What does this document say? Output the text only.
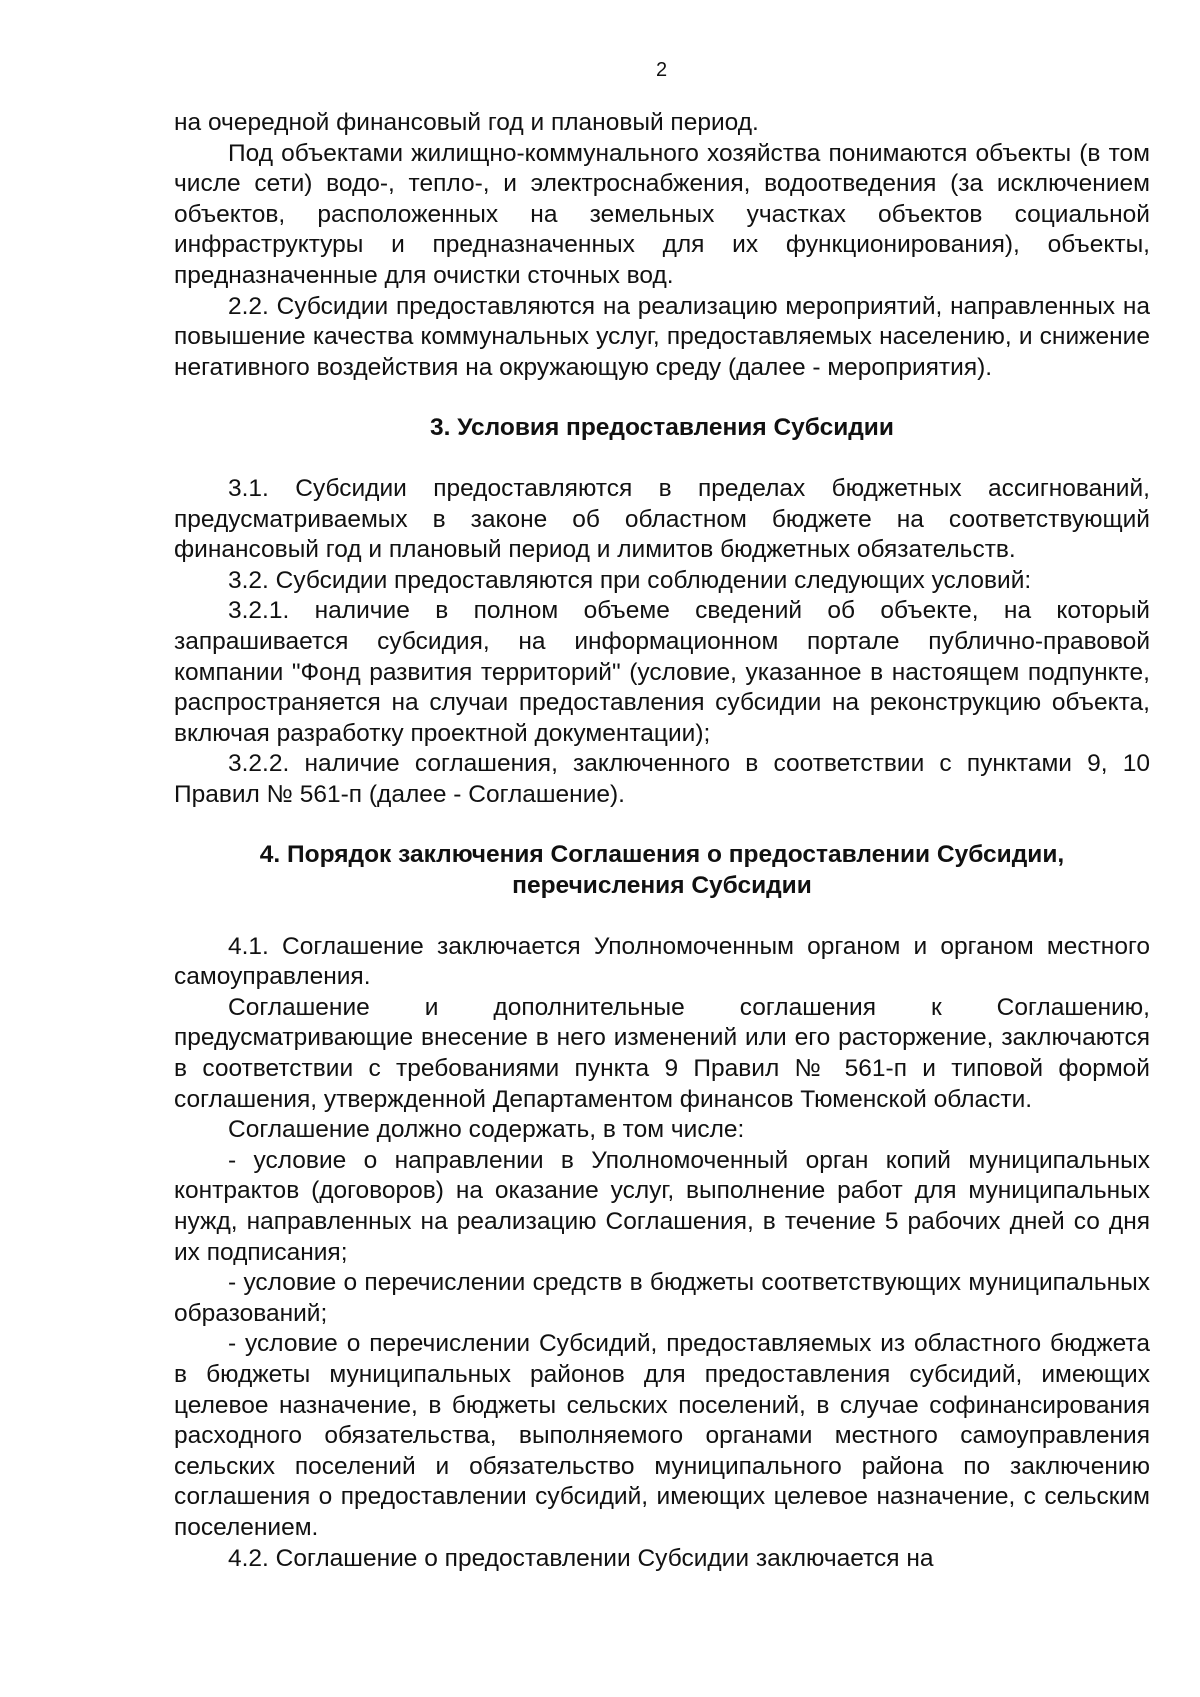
2

на очередной финансовый год и плановый период.

Под объектами жилищно-коммунального хозяйства понимаются объекты (в том числе сети) водо-, тепло-, и электроснабжения, водоотведения (за исключением объектов, расположенных на земельных участках объектов социальной инфраструктуры и предназначенных для их функционирования), объекты, предназначенные для очистки сточных вод.

2.2. Субсидии предоставляются на реализацию мероприятий, направленных на повышение качества коммунальных услуг, предоставляемых населению, и снижение негативного воздействия на окружающую среду (далее - мероприятия).

3. Условия предоставления Субсидии

3.1. Субсидии предоставляются в пределах бюджетных ассигнований, предусматриваемых в законе об областном бюджете на соответствующий финансовый год и плановый период и лимитов бюджетных обязательств.

3.2. Субсидии предоставляются при соблюдении следующих условий:

3.2.1. наличие в полном объеме сведений об объекте, на который запрашивается субсидия, на информационном портале публично-правовой компании "Фонд развития территорий" (условие, указанное в настоящем подпункте, распространяется на случаи предоставления субсидии на реконструкцию объекта, включая разработку проектной документации);

3.2.2. наличие соглашения, заключенного в соответствии с пунктами 9, 10 Правил № 561-п (далее - Соглашение).

4. Порядок заключения Соглашения о предоставлении Субсидии, перечисления Субсидии

4.1. Соглашение заключается Уполномоченным органом и органом местного самоуправления.

Соглашение и дополнительные соглашения к Соглашению, предусматривающие внесение в него изменений или его расторжение, заключаются в соответствии с требованиями пункта 9 Правил № 561-п и типовой формой соглашения, утвержденной Департаментом финансов Тюменской области.

Соглашение должно содержать, в том числе:

- условие о направлении в Уполномоченный орган копий муниципальных контрактов (договоров) на оказание услуг, выполнение работ для муниципальных нужд, направленных на реализацию Соглашения, в течение 5 рабочих дней со дня их подписания;

- условие о перечислении средств в бюджеты соответствующих муниципальных образований;

- условие о перечислении Субсидий, предоставляемых из областного бюджета в бюджеты муниципальных районов для предоставления субсидий, имеющих целевое назначение, в бюджеты сельских поселений, в случае софинансирования расходного обязательства, выполняемого органами местного самоуправления сельских поселений и обязательство муниципального района по заключению соглашения о предоставлении субсидий, имеющих целевое назначение, с сельским поселением.

4.2. Соглашение о предоставлении Субсидии заключается на
